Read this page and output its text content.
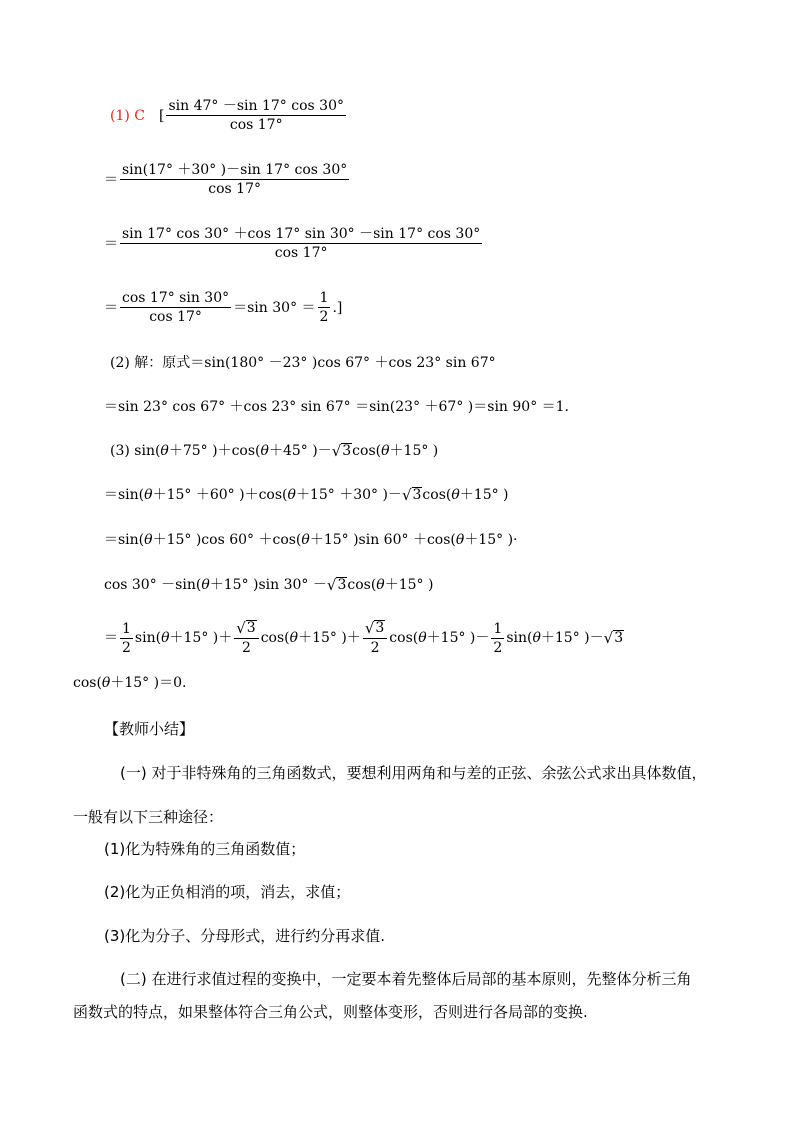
(1) C [ $\frac{\sin 47^\circ -\sin 17^\circ \cos 30^\circ}{\cos 17^\circ}$
＝ $\frac{\sin(17^\circ +30^\circ )-\sin 17^\circ \cos 30^\circ}{\cos 17^\circ}$
＝ $\frac{\sin 17^\circ \cos 30^\circ +\cos 17^\circ \sin 30^\circ -\sin 17^\circ \cos 30^\circ}{\cos 17^\circ}$
＝ $\frac{\cos 17^\circ \sin 30^\circ}{\cos 17^\circ} =\sin$ $30^\circ = \frac{1}{2}$ .]
(2) 解：原式＝sin(180° －23° )cos 67° ＋cos 23° sin 67°
＝sin 23° cos 67° ＋cos 23° sin 67° ＝sin(23° ＋67° )＝sin 90° ＝1.
(3) sin( θ ＋75° )＋cos( θ ＋45° )－ √ 3 cos( θ ＋15° )
＝sin( θ ＋15° ＋60° )＋cos( θ ＋15° ＋30° )－ √ 3 cos( θ ＋15° )
＝sin( θ ＋15° )cos 60° ＋cos( θ ＋15° )sin 60° ＋cos( θ ＋15° )·
cos 30° －sin( θ ＋15° )sin 30° － √ 3 cos( θ ＋15° )
＝ $\frac{1}{2} \sin$( θ ＋15° )＋ $\frac{√ 3}{2} \cos$( θ ＋15° )＋ $\frac{√ 3}{2} \cos$( θ ＋15° )－ $\frac{1}{2} \sin$( θ ＋15° )－ √ 3
cos( θ ＋15° )＝0.
【教师小结】
(一) 对于非特殊角的三角函数式，要想利用两角和与差的正弦、余弦公式求出具体数值，
一般有以下三种途径：
(1)化为特殊角的三角函数值；
(2)化为正负相消的项，消去，求值；
(3)化为分子、分母形式，进行约分再求值.
(二) 在进行求值过程的变换中，一定要本着先整体后局部的基本原则，先整体分析三角
函数式的特点，如果整体符合三角公式，则整体变形，否则进行各局部的变换.
